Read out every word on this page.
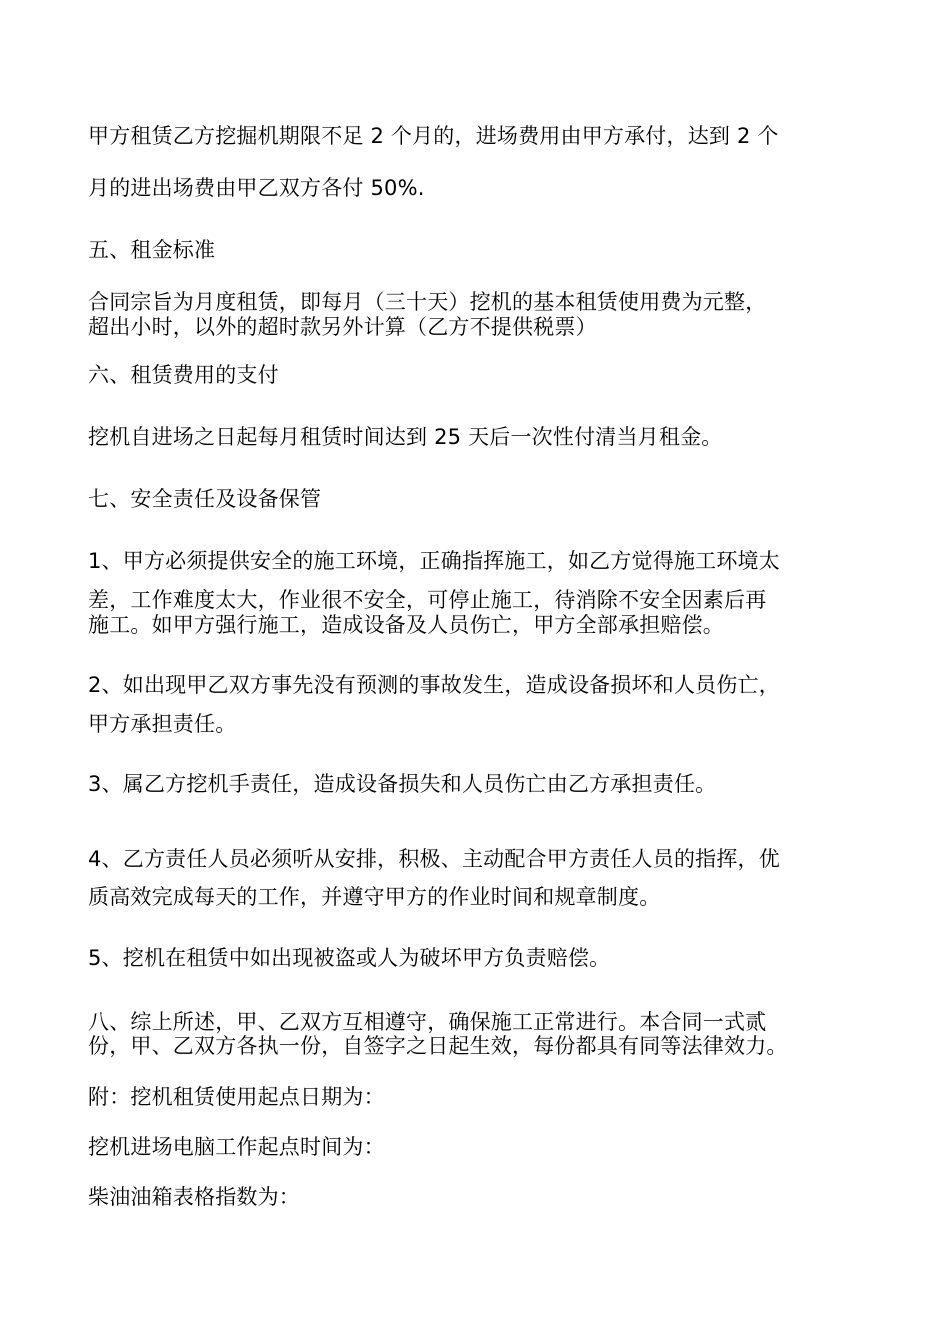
甲方租赁乙方挖掘机期限不足 2 个月的，进场费用由甲方承付，达到 2 个
月的进出场费由甲乙双方各付 50%.
五、租金标准
合同宗旨为月度租赁，即每月（三十天）挖机的基本租赁使用费为元整，
超出小时，以外的超时款另外计算（乙方不提供税票）
六、租赁费用的支付
挖机自进场之日起每月租赁时间达到 25 天后一次性付清当月租金。
七、安全责任及设备保管
1、甲方必须提供安全的施工环境，正确指挥施工，如乙方觉得施工环境太
差，工作难度太大，作业很不安全，可停止施工，待消除不安全因素后再
施工。如甲方强行施工，造成设备及人员伤亡，甲方全部承担赔偿。
2、如出现甲乙双方事先没有预测的事故发生，造成设备损坏和人员伤亡，
甲方承担责任。
3、属乙方挖机手责任，造成设备损失和人员伤亡由乙方承担责任。
4、乙方责任人员必须听从安排，积极、主动配合甲方责任人员的指挥，优
质高效完成每天的工作，并遵守甲方的作业时间和规章制度。
5、挖机在租赁中如出现被盗或人为破坏甲方负责赔偿。
八、综上所述，甲、乙双方互相遵守，确保施工正常进行。本合同一式贰
份，甲、乙双方各执一份，自签字之日起生效，每份都具有同等法律效力。
附：挖机租赁使用起点日期为：
挖机进场电脑工作起点时间为：
柴油油箱表格指数为：
